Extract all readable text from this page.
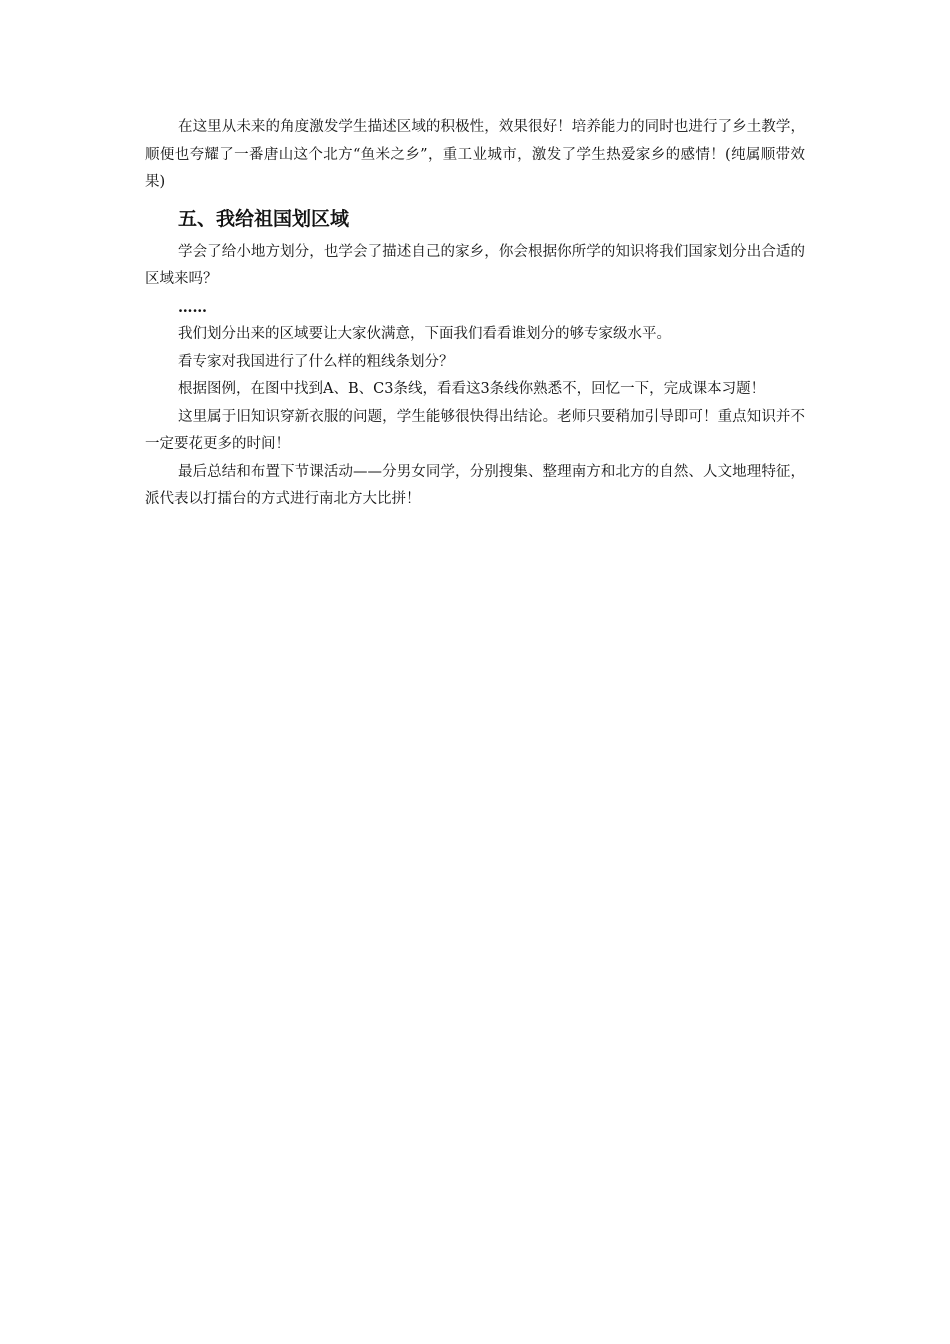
在这里从未来的角度激发学生描述区域的积极性，效果很好！培养能力的同时也进行了乡土教学，顺便也夸耀了一番唐山这个北方“鱼米之乡”，重工业城市，激发了学生热爱家乡的感情！(纯属顺带效果)

五、我给祖国划区域

学会了给小地方划分，也学会了描述自己的家乡，你会根据你所学的知识将我们国家划分出合适的区域来吗？

……

我们划分出来的区域要让大家伙满意，下面我们看看谁划分的够专家级水平。

看专家对我国进行了什么样的粗线条划分？

根据图例，在图中找到A、B、C3条线，看看这3条线你熟悉不，回忆一下，完成课本习题！

这里属于旧知识穿新衣服的问题，学生能够很快得出结论。老师只要稍加引导即可！重点知识并不一定要花更多的时间！

最后总结和布置下节课活动——分男女同学，分别搜集、整理南方和北方的自然、人文地理特征，派代表以打擂台的方式进行南北方大比拼！
